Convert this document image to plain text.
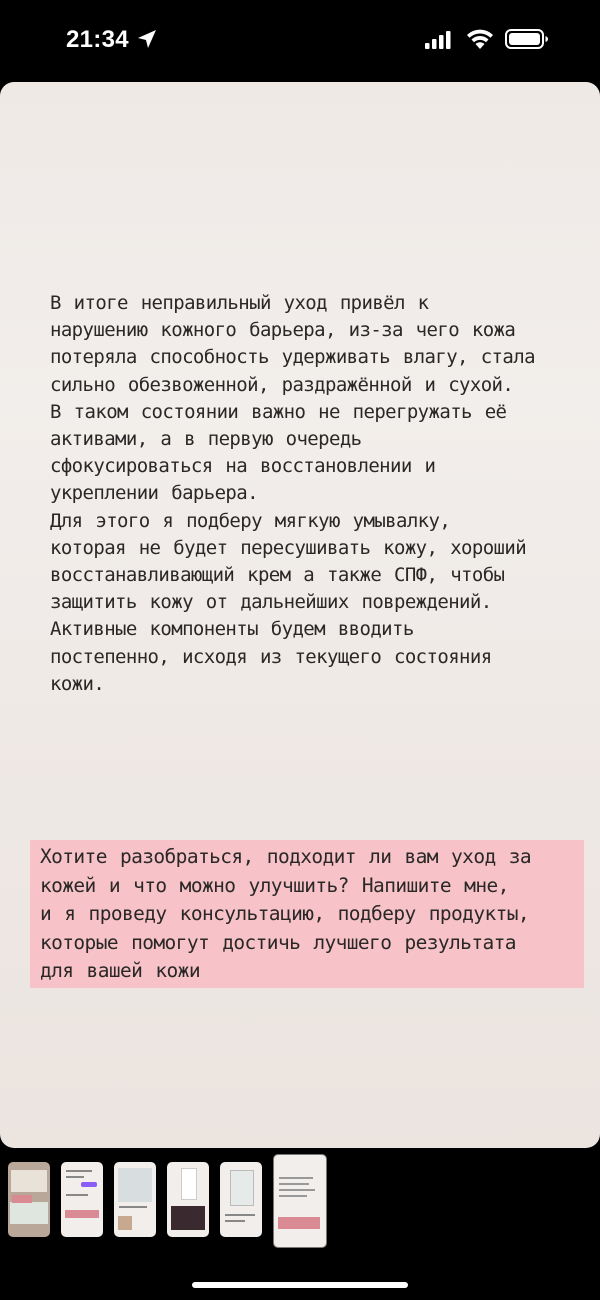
21:34

В итоге неправильный уход привёл к
нарушению кожного барьера, из-за чего кожа
потеряла способность удерживать влагу, стала
сильно обезвоженной, раздражённой и сухой.
В таком состоянии важно не перегружать её
активами, а в первую очередь
сфокусироваться на восстановлении и
укреплении барьера.
Для этого я подберу мягкую умывалку,
которая не будет пересушивать кожу, хороший
восстанавливающий крем а также СПФ, чтобы
защитить кожу от дальнейших повреждений.
Активные компоненты будем вводить
постепенно, исходя из текущего состояния
кожи.

Хотите разобраться, подходит ли вам уход за
кожей и что можно улучшить? Напишите мне,
и я проведу консультацию, подберу продукты,
которые помогут достичь лучшего результата
для вашей кожи
